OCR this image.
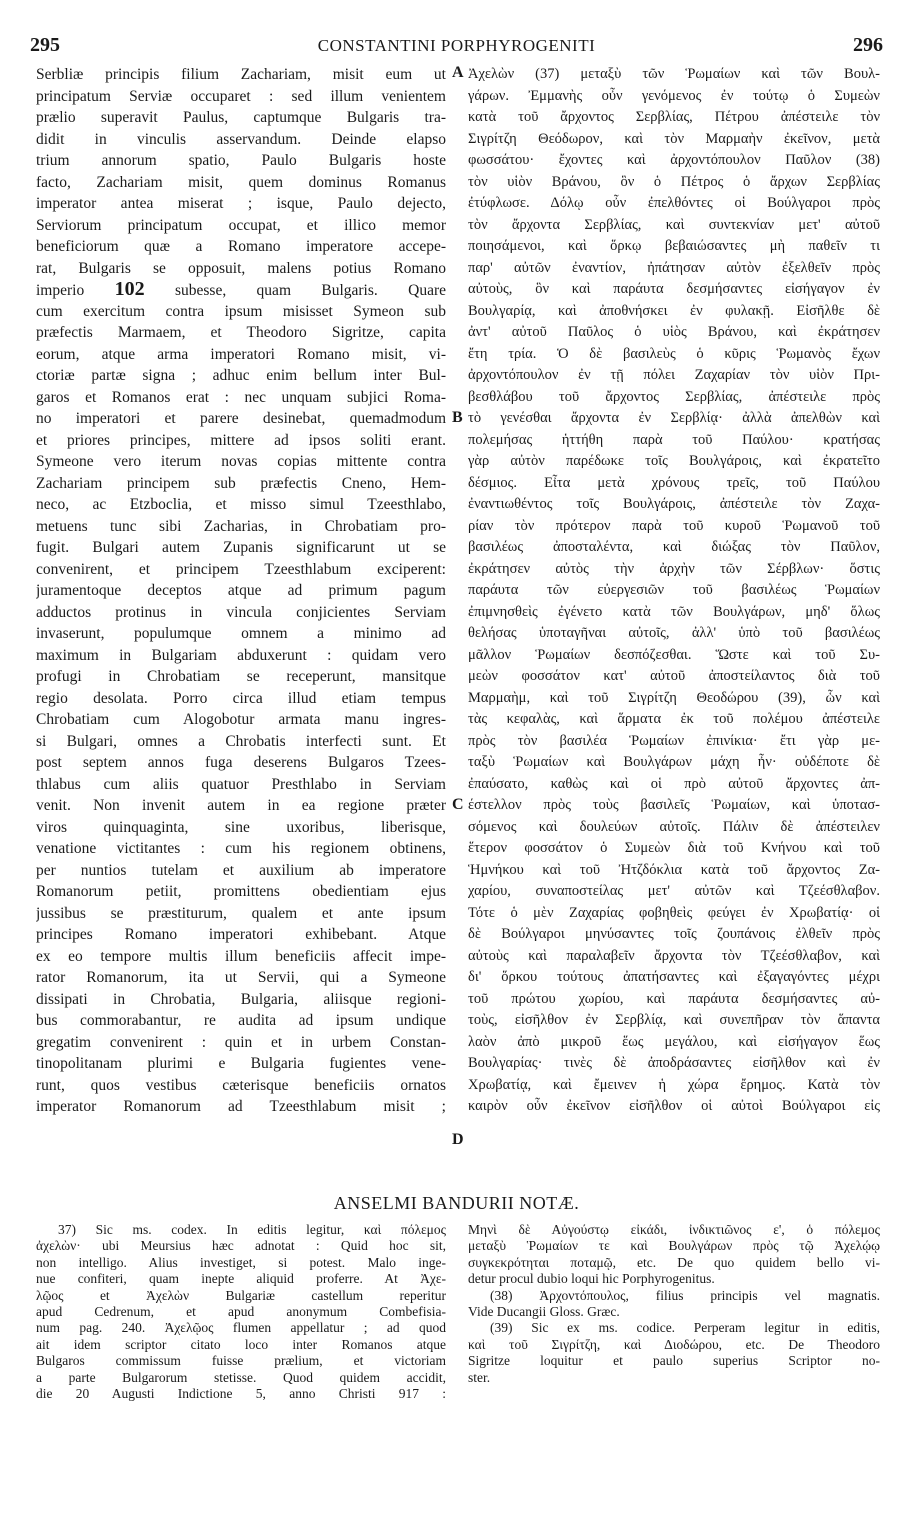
295	CONSTANTINI PORPHYROGENITI	296
Serbliæ principis filium Zachariam, misit eum ut
principatum Serviæ occuparet : sed illum venientem
prælio superavit Paulus, captumque Bulgaris tra-
didit in vinculis asservandum. Deinde elapso
trium annorum spatio, Paulo Bulgaris hoste
facto, Zachariam misit, quem dominus Romanus
imperator antea miserat ; isque, Paulo dejecto,
Serviorum principatum occupat, et illico memor
beneficiorum quæ a Romano imperatore accepe-
rat, Bulgaris se opposuit, malens potius Romano
imperio 102 subesse, quam Bulgaris. Quare
cum exercitum contra ipsum misisset Symeon sub
præfectis Marmaem, et Theodoro Sigritze, capita
eorum, atque arma imperatori Romano misit, vi-
ctoriæ partæ signa ; adhuc enim bellum inter Bul-
garos et Romanos erat : nec unquam subjici Roma-
no imperatori et parere desinebat, quemadmodum
et priores principes, mittere ad ipsos soliti erant.
Symeone vero iterum novas copias mittente contra
Zachariam principem sub præfectis Cneno, Hem-
neco, ac Etzboclia, et misso simul Tzeesthlabo,
metuens tunc sibi Zacharias, in Chrobatiam pro-
fugit. Bulgari autem Zupanis significarunt ut se
convenirent, et principem Tzeesthlabum exciperent:
juramentoque deceptos atque ad primum pagum
adductos protinus in vincula conjicientes Serviam
invaserunt, populumque omnem a minimo ad
maximum in Bulgariam abduxerunt : quidam vero
profugi in Chrobatiam se receperunt, mansitque
regio desolata. Porro circa illud etiam tempus
Chrobatiam cum Alogobotur armata manu ingres-
si Bulgari, omnes a Chrobatis interfecti sunt. Et
post septem annos fuga deserens Bulgaros Tzees-
thlabus cum aliis quatuor Presthlabo in Serviam
venit. Non invenit autem in ea regione præter
viros quinquaginta, sine uxoribus, liberisque,
venatione victitantes : cum his regionem obtinens,
per nuntios tutelam et auxilium ab imperatore
Romanorum petiit, promittens obedientiam ejus
jussibus se præstiturum, qualem et ante ipsum
principes Romano imperatori exhibebant. Atque
ex eo tempore multis illum beneficiis affecit impe-
rator Romanorum, ita ut Servii, qui a Symeone
dissipati in Chrobatia, Bulgaria, aliisque regioni-
bus commorabantur, re audita ad ipsum undique
gregatim convenirent : quin et in urbem Constan-
tinopolitanam plurimi e Bulgaria fugientes vene-
runt, quos vestibus cæterisque beneficiis ornatos
imperator Romanorum ad Tzeesthlabum misit ;
Ἀχελὼν (37) μεταξὺ τῶν Ῥωμαίων καὶ τῶν Βουλ-
γάρων. Ἐμμανὴς οὖν γενόμενος ἐν τούτῳ ὁ Συμεὼν
κατὰ τοῦ ἄρχοντος Σερβλίας, Πέτρου ἀπέστειλε τὸν
Σιγρίτζη Θεόδωρον, καὶ τὸν Μαρμαὴν ἐκεῖνον, μετὰ
φωσσάτου· ἔχοντες καὶ ἀρχοντόπουλον Παῦλον (38)
τὸν υἱὸν Βράνου, ὃν ὁ Πέτρος ὁ ἄρχων Σερβλίας
ἐτύφλωσε. Δόλῳ οὖν ἐπελθόντες οἱ Βούλγαροι πρὸς
τὸν ἄρχοντα Σερβλίας, καὶ συντεκνίαν μετ' αὐτοῦ
ποιησάμενοι, καὶ ὅρκῳ βεβαιώσαντες μὴ παθεῖν τι
παρ' αὐτῶν ἐναντίον, ἠπάτησαν αὐτὸν ἐξελθεῖν πρὸς
αὐτοὺς, ὃν καὶ παράυτα δεσμήσαντες εἰσήγαγον ἐν
Βουλγαρίᾳ, καὶ ἀποθνήσκει ἐν φυλακῇ. Εἰσῆλθε δὲ
ἀντ' αὐτοῦ Παῦλος ὁ υἱὸς Βράνου, καὶ ἐκράτησεν
ἔτη τρία. Ὁ δὲ βασιλεὺς ὁ κῦρις Ῥωμανὸς ἔχων
ἀρχοντόπουλον ἐν τῇ πόλει Ζαχαρίαν τὸν υἱὸν Πρι-
βεσθλάβου τοῦ ἄρχοντος Σερβλίας, ἀπέστειλε πρὸς
τὸ γενέσθαι ἄρχοντα ἐν Σερβλίᾳ· ἀλλὰ ἀπελθὼν καὶ
πολεμήσας ἡττήθη παρὰ τοῦ Παύλου· κρατήσας
γὰρ αὐτὸν παρέδωκε τοῖς Βουλγάροις, καὶ ἐκρατεῖτο
δέσμιος. Εἶτα μετὰ χρόνους τρεῖς, τοῦ Παύλου
ἐναντιωθέντος τοῖς Βουλγάροις, ἀπέστειλε τὸν Ζαχα-
ρίαν τὸν πρότερον παρὰ τοῦ κυροῦ Ῥωμανοῦ τοῦ
βασιλέως ἀποσταλέντα, καὶ διώξας τὸν Παῦλον,
ἐκράτησεν αὐτὸς τὴν ἀρχὴν τῶν Σέρβλων· ὅστις
παράυτα τῶν εὐεργεσιῶν τοῦ βασιλέως Ῥωμαίων
ἐπιμνησθεὶς ἐγένετο κατὰ τῶν Βουλγάρων, μηδ' ὅλως
θελήσας ὑποταγῆναι αὐτοῖς, ἀλλ' ὑπὸ τοῦ βασιλέως
μᾶλλον Ῥωμαίων δεσπόζεσθαι. Ὥστε καὶ τοῦ Συ-
μεὼν φοσσάτον κατ' αὐτοῦ ἀποστείλαντος διὰ τοῦ
Μαρμαὴμ, καὶ τοῦ Σιγρίτζη Θεοδώρου (39), ὧν καὶ
τὰς κεφαλὰς, καὶ ἅρματα ἐκ τοῦ πολέμου ἀπέστειλε
πρὸς τὸν βασιλέα Ῥωμαίων ἐπινίκια· ἔτι γὰρ με-
ταξὺ Ῥωμαίων καὶ Βουλγάρων μάχη ἦν· οὐδέποτε δὲ
ἐπαύσατο, καθὼς καὶ οἱ πρὸ αὐτοῦ ἄρχοντες ἀπ-
έστελλον πρὸς τοὺς βασιλεῖς Ῥωμαίων, καὶ ὑποτασ-
σόμενος καὶ δουλεύων αὐτοῖς. Πάλιν δὲ ἀπέστειλεν
ἕτερον φοσσάτον ὁ Συμεὼν διὰ τοῦ Κνήνου καὶ τοῦ
Ἡμνήκου καὶ τοῦ Ἠτζδόκλια κατὰ τοῦ ἄρχοντος Ζα-
χαρίου, συναποστείλας μετ' αὐτῶν καὶ Τζεέσθλαβον.
Τότε ὁ μὲν Ζαχαρίας φοβηθεὶς φεύγει ἐν Χρωβατίᾳ· οἱ
δὲ Βούλγαροι μηνύσαντες τοῖς ζουπάνοις ἐλθεῖν πρὸς
αὐτοὺς καὶ παραλαβεῖν ἄρχοντα τὸν Τζεέσθλαβον, καὶ
δι' ὅρκου τούτους ἀπατήσαντες καὶ ἐξαγαγόντες μέχρι
τοῦ πρώτου χωρίου, καὶ παράυτα δεσμήσαντες αὐ-
τοὺς, εἰσῆλθον ἐν Σερβλίᾳ, καὶ συνεπῆραν τὸν ἅπαντα
λαὸν ἀπὸ μικροῦ ἕως μεγάλου, καὶ εἰσήγαγον ἕως
Βουλγαρίας· τινὲς δὲ ἀποδράσαντες εἰσῆλθον καὶ ἐν
Χρωβατίᾳ, καὶ ἔμεινεν ἡ χώρα ἔρημος. Κατὰ τὸν
καιρὸν οὖν ἐκεῖνον εἰσῆλθον οἱ αὐτοὶ Βούλγαροι εἰς
A
B
C
D
ANSELMI BANDURII NOTÆ.
37) Sic ms. codex. In editis legitur, καὶ πόλεμος
ἀχελὼν· ubi Meursius hæc adnotat : Quid hoc sit,
non intelligo. Alius investiget, si potest. Malo inge-
nue confiteri, quam inepte aliquid proferre. At Ἀχε-
λῷος et Ἀχελὼν Bulgariæ castellum reperitur
apud Cedrenum, et apud anonymum Combefisia-
num pag. 240. Ἀχελῷος flumen appellatur ; ad quod
ait idem scriptor citato loco inter Romanos atque
Bulgaros commissum fuisse prælium, et victoriam
a parte Bulgarorum stetisse. Quod quidem accidit,
die 20 Augusti Indictione 5, anno Christi 917 :
Μηνὶ δὲ Αὐγούστῳ εἰκάδι, ἰνδικτιῶνος ε', ὁ πόλεμος
μεταξὺ Ῥωμαίων τε καὶ Βουλγάρων πρὸς τῷ Ἀχελῴῳ
συγκεκρότηται ποταμῷ, etc. De quo quidem bello vi-
detur procul dubio loqui hic Porphyrogenitus.
(38) Ἀρχοντόπουλος, filius principis vel magnatis.
Vide Ducangii Gloss. Græc.
(39) Sic ex ms. codice. Perperam legitur in editis,
καὶ τοῦ Σιγρίτζη, καὶ Διοδώρου, etc. De Theodoro
Sigritze loquitur et paulo superius Scriptor no-
ster.
